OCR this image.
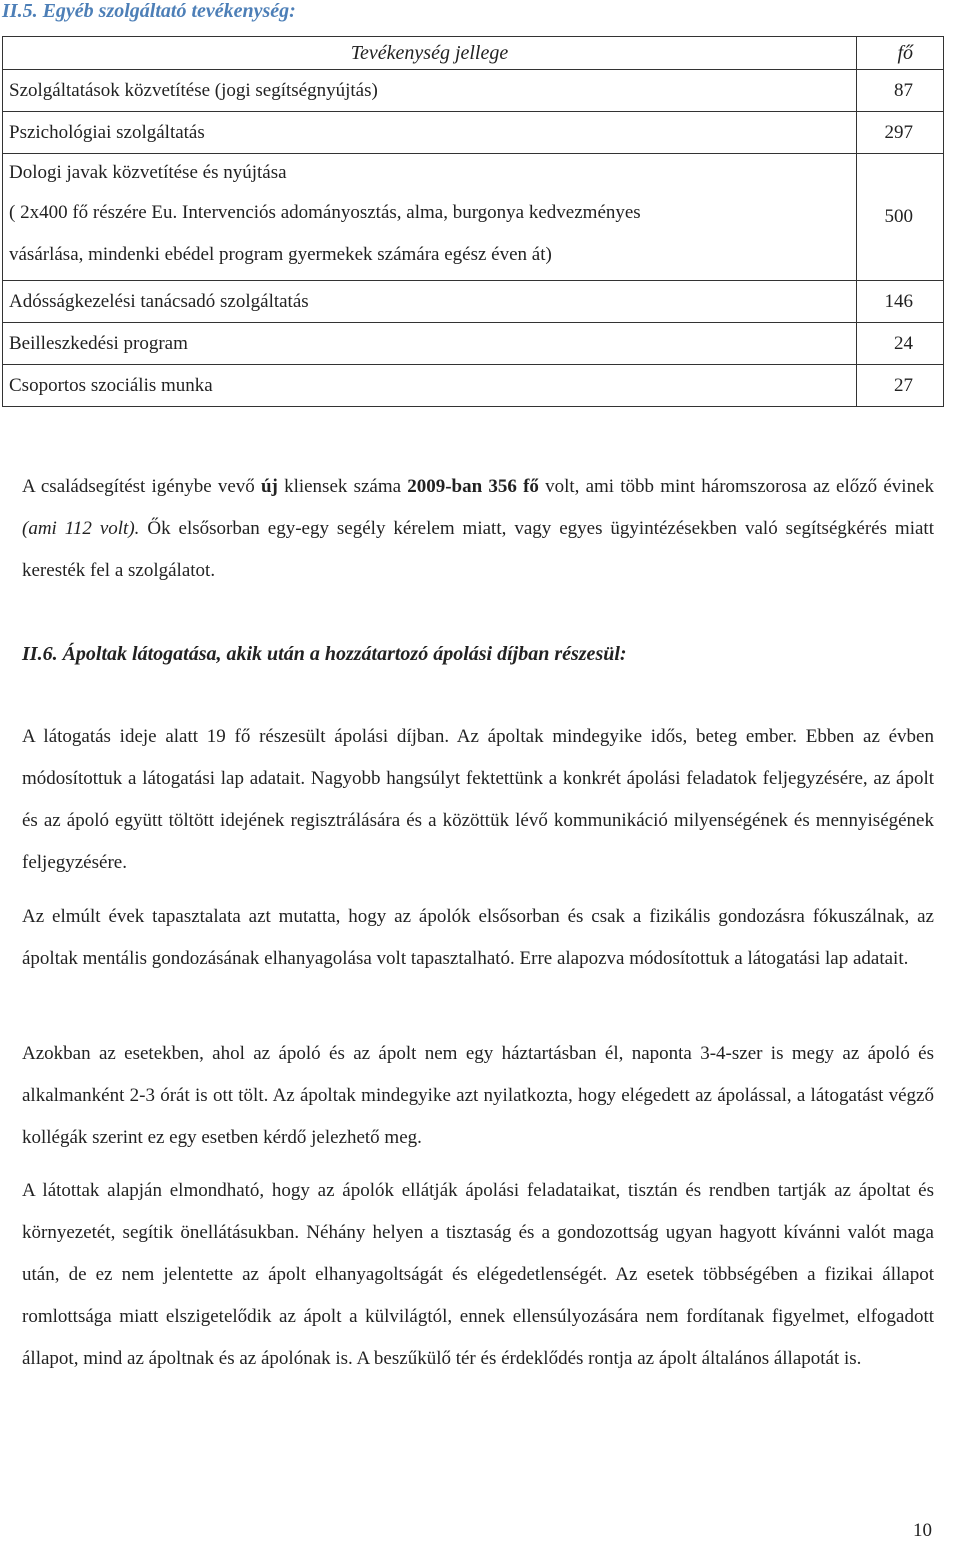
II.5. Egyéb szolgáltató tevékenység:
Tevékenység jellege	fő
Szolgáltatások közvetítése (jogi segítségnyújtás)	87
Pszichológiai szolgáltatás	297

Dologi javak közvetítése és nyújtása
( 2x400 fő részére Eu. Intervenciós adományosztás, alma, burgonya kedvezményes
vásárlása, mindenki ebédel program gyermekek számára egész éven át)	500
Adósságkezelési tanácsadó szolgáltatás	146
Beilleszkedési program	24
Csoportos szociális munka	27
A családsegítést igénybe vevő új kliensek száma 2009-ban 356 fő volt, ami több mint háromszorosa az előző évinek (ami 112 volt). Ők elsősorban egy-egy segély kérelem miatt, vagy egyes ügyintézésekben való segítségkérés miatt keresték fel a szolgálatot.
II.6. Ápoltak látogatása, akik után a hozzátartozó ápolási díjban részesül:
A látogatás ideje alatt 19 fő részesült ápolási díjban. Az ápoltak mindegyike idős, beteg ember. Ebben az évben módosítottuk a látogatási lap adatait. Nagyobb hangsúlyt fektettünk a konkrét ápolási feladatok feljegyzésére, az ápolt és az ápoló együtt töltött idejének regisztrálására és a közöttük lévő kommunikáció milyenségének és mennyiségének feljegyzésére.
Az elmúlt évek tapasztalata azt mutatta, hogy az ápolók elsősorban és csak a fizikális gondozásra fókuszálnak, az ápoltak mentális gondozásának elhanyagolása volt tapasztalható. Erre alapozva módosítottuk a látogatási lap adatait.
Azokban az esetekben, ahol az ápoló és az ápolt nem egy háztartásban él, naponta 3-4-szer is megy az ápoló és alkalmanként 2-3 órát is ott tölt. Az ápoltak mindegyike azt nyilatkozta, hogy elégedett az ápolással, a látogatást végző kollégák szerint ez egy esetben kérdő jelezhető meg.
A látottak alapján elmondható, hogy az ápolók ellátják ápolási feladataikat, tisztán és rendben tartják az ápoltat és környezetét, segítik önellátásukban. Néhány helyen a tisztaság és a gondozottság ugyan hagyott kívánni valót maga után, de ez nem jelentette az ápolt elhanyagoltságát és elégedetlenségét. Az esetek többségében a fizikai állapot romlottsága miatt elszigetelődik az ápolt a külvilágtól, ennek ellensúlyozására nem fordítanak figyelmet, elfogadott állapot, mind az ápoltnak és az ápolónak is. A beszűkülő tér és érdeklődés rontja az ápolt általános állapotát is.
10
